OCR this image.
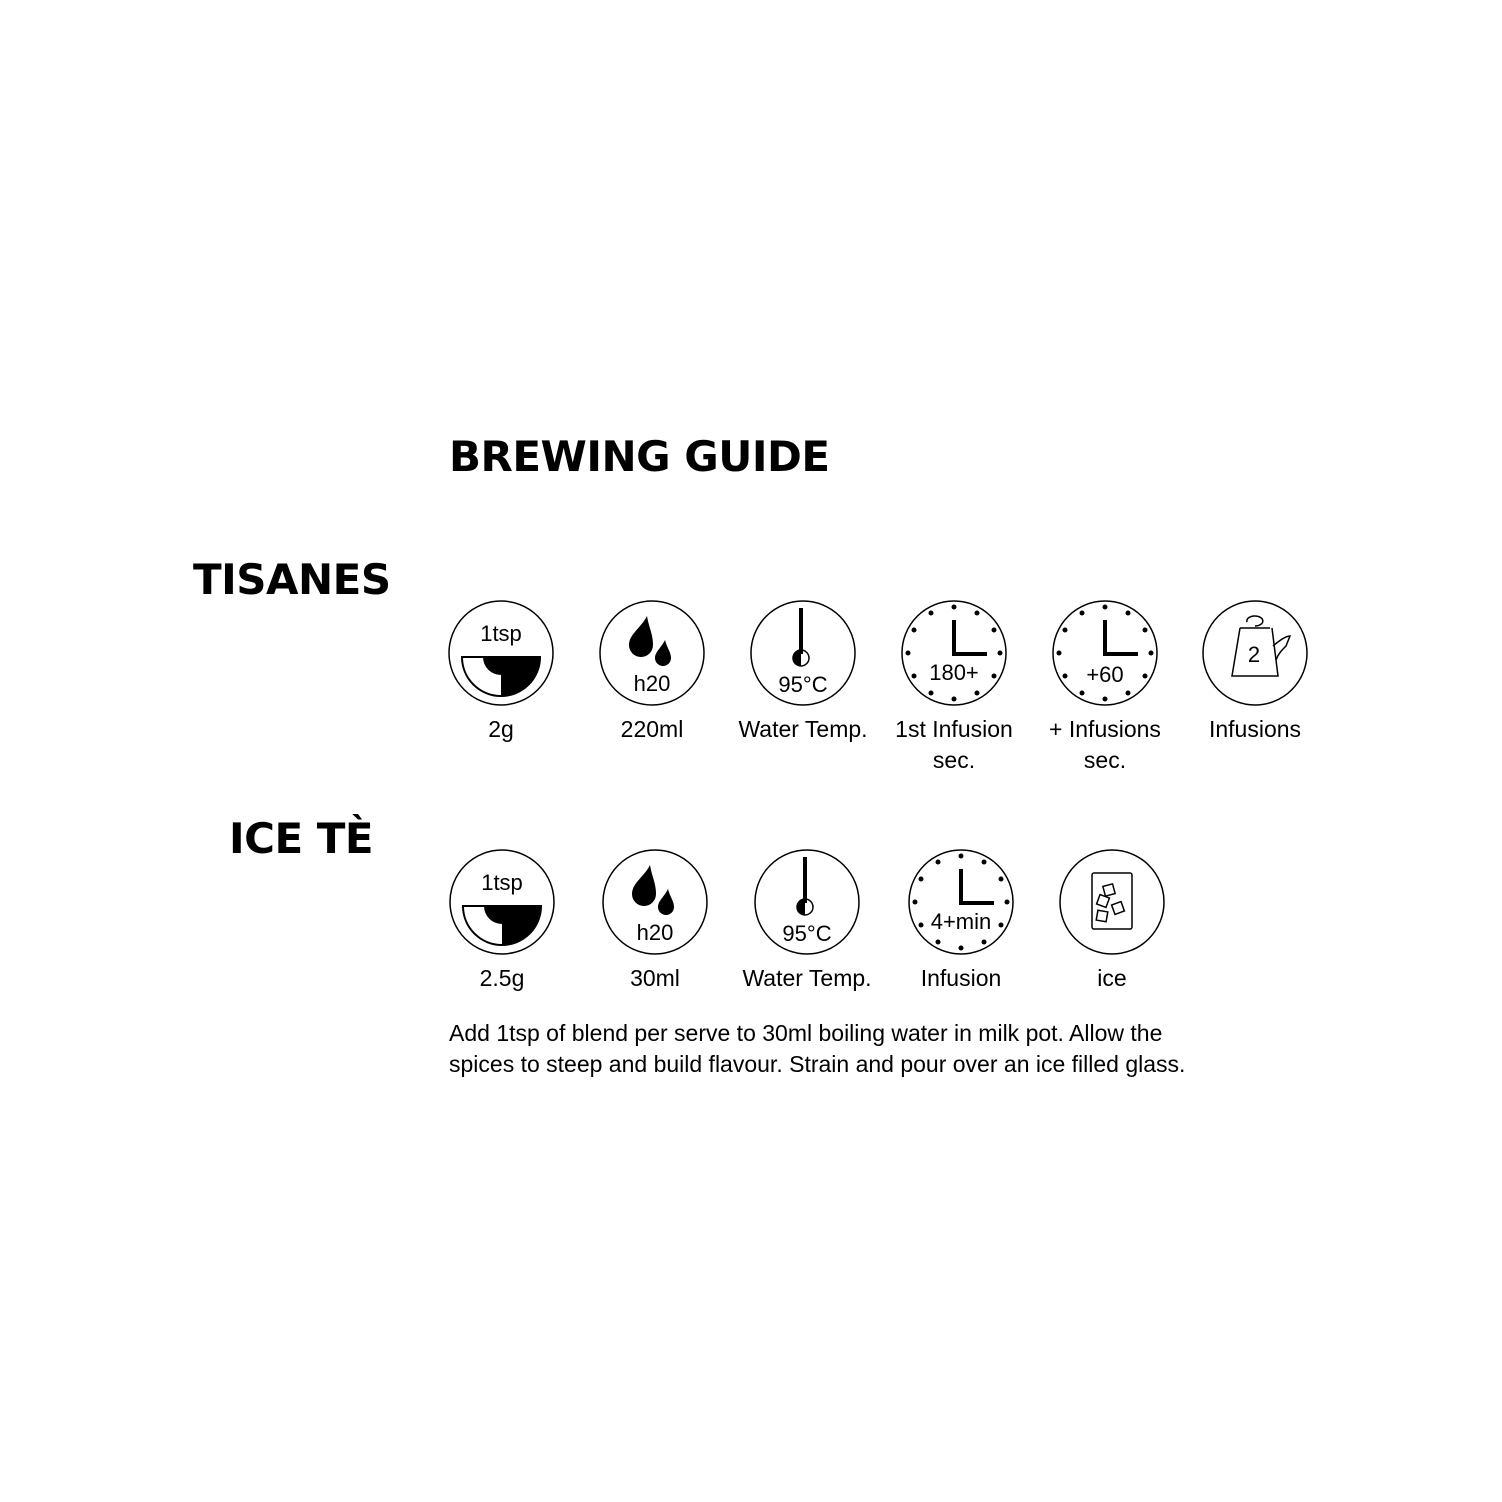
BREWING GUIDE
TISANES
ICE TÈ
1tsp
2g
h20
220ml
95°C
Water Temp.
180+
1st Infusion
sec.
+60
+ Infusions
sec.
2
Infusions
1tsp
2.5g
h20
30ml
95°C
Water Temp.
4+min
Infusion	ice
Add 1tsp of blend per serve to 30ml boiling water in milk pot. Allow the
spices to steep and build flavour. Strain and pour over an ice filled glass.
